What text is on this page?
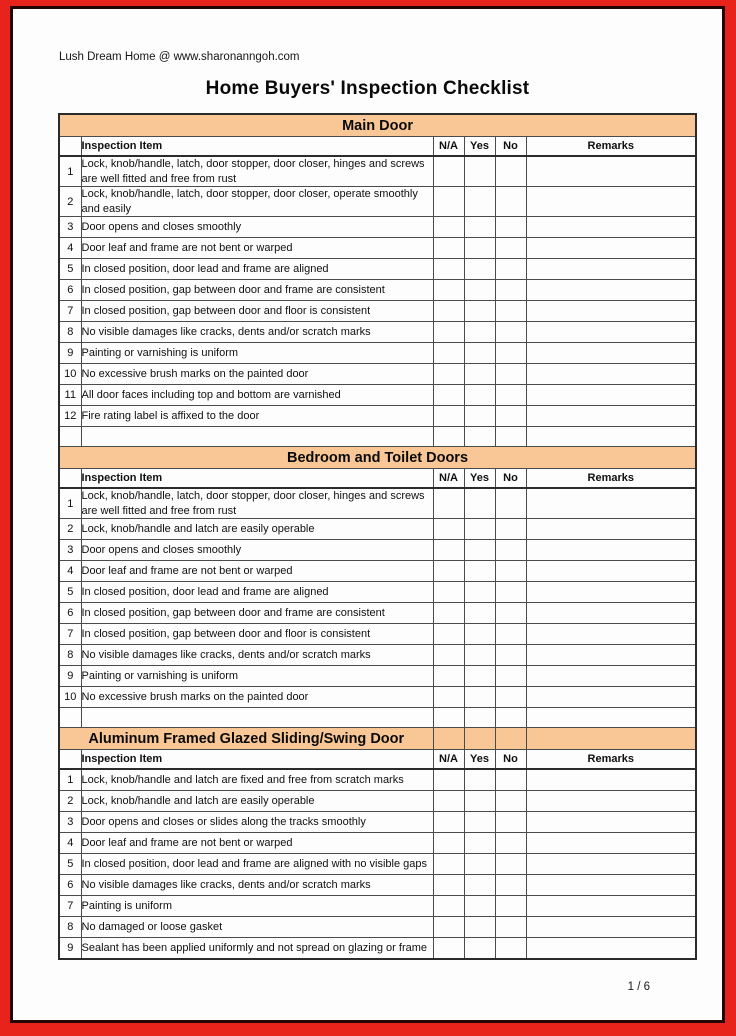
Lush Dream Home @ www.sharonanngoh.com
Home Buyers' Inspection Checklist
Main Door					
	Inspection Item	N/A	Yes	No	Remarks
1	Lock, knob/handle, latch, door stopper, door closer, hinges and screws are well fitted and free from rust				
2	Lock, knob/handle, latch, door stopper, door closer, operate smoothly and easily				
3	Door opens and closes smoothly				
4	Door leaf and frame are not bent or warped				
5	In closed position, door lead and frame are aligned				
6	In closed position, gap between door and frame are consistent				
7	In closed position, gap between door and floor is consistent				
8	No visible damages like cracks, dents and/or scratch marks				
9	Painting or varnishing is uniform				
10	No excessive brush marks on the painted door				
11	All door faces including top and bottom are varnished				
12	Fire rating label is affixed to the door				

Bedroom and Toilet Doors					
	Inspection Item	N/A	Yes	No	Remarks
1	Lock, knob/handle, latch, door stopper, door closer, hinges and screws are well fitted and free from rust				
2	Lock, knob/handle and latch are easily operable				
3	Door opens and closes smoothly				
4	Door leaf and frame are not bent or warped				
5	In closed position, door lead and frame are aligned				
6	In closed position, gap between door and frame are consistent				
7	In closed position, gap between door and floor is consistent				
8	No visible damages like cracks, dents and/or scratch marks				
9	Painting or varnishing is uniform				
10	No excessive brush marks on the painted door				

Aluminum Framed Glazed Sliding/Swing Door					
	Inspection Item	N/A	Yes	No	Remarks
1	Lock, knob/handle and latch are fixed and free from scratch marks				
2	Lock, knob/handle and latch are easily operable				
3	Door opens and closes or slides along the tracks smoothly				
4	Door leaf and frame are not bent or warped				
5	In closed position, door lead and frame are aligned with no visible gaps				
6	No visible damages like cracks, dents and/or scratch marks				
7	Painting is uniform				
8	No damaged or loose gasket				
9	Sealant has been applied uniformly and not spread on glazing or frame				
1 / 6
